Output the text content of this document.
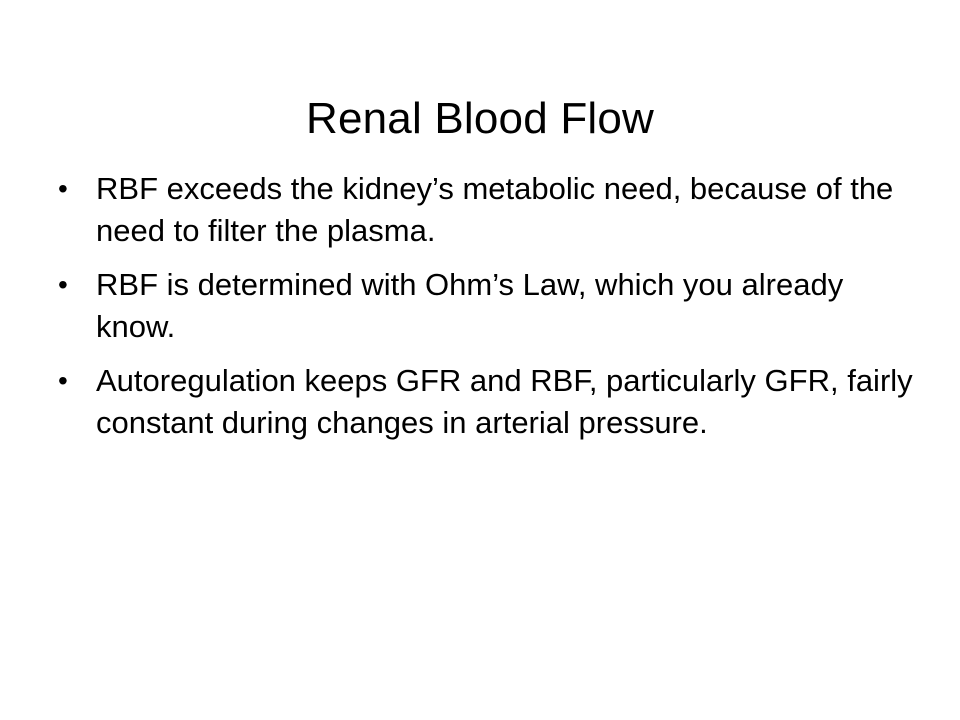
Renal Blood Flow
• RBF exceeds the kidney’s metabolic need, because of the need to filter the plasma.
• RBF is determined with Ohm’s Law, which you already know.
• Autoregulation keeps GFR and RBF, particularly GFR, fairly constant during changes in arterial pressure.
